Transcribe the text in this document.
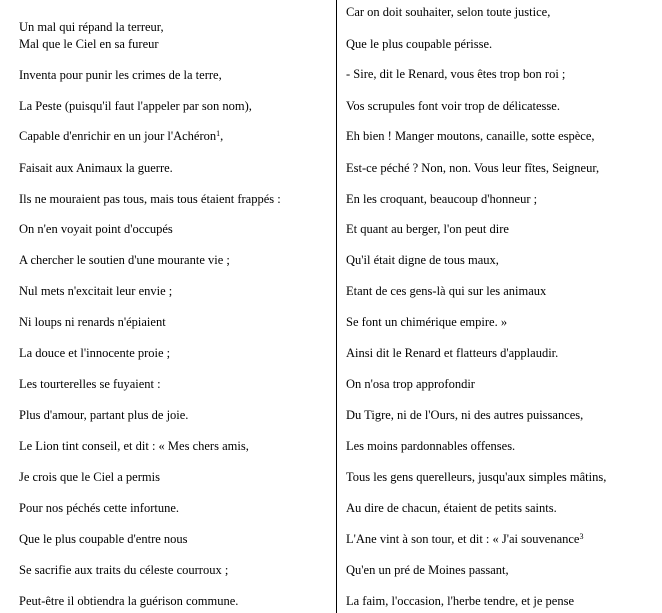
Un mal qui répand la terreur,
Mal que le Ciel en sa fureur
Inventa pour punir les crimes de la terre,
La Peste (puisqu'il faut l'appeler par son nom),
Capable d'enrichir en un jour l'Achéron$^1$,
Faisait aux Animaux la guerre.
Ils ne mouraient pas tous, mais tous étaient frappés :
On n'en voyait point d'occupés
A chercher le soutien d'une mourante vie ;
Nul mets n'excitait leur envie ;
Ni loups ni renards n'épiaient
La douce et l'innocente proie ;
Les tourterelles se fuyaient :
Plus d'amour, partant plus de joie.
Le Lion tint conseil, et dit : « Mes chers amis,
Je crois que le Ciel a permis
Pour nos péchés cette infortune.
Que le plus coupable d'entre nous
Se sacrifie aux traits du céleste courroux ;
Peut-être il obtiendra la guérison commune.
Car on doit souhaiter, selon toute justice,
Que le plus coupable périsse.
- Sire, dit le Renard, vous êtes trop bon roi ;
Vos scrupules font voir trop de délicatesse.
Eh bien ! Manger moutons, canaille, sotte espèce,
Est-ce péché ? Non, non. Vous leur fîtes, Seigneur,
En les croquant, beaucoup d'honneur ;
Et quant au berger, l'on peut dire
Qu'il était digne de tous maux,
Etant de ces gens-là qui sur les animaux
Se font un chimérique empire. »
Ainsi dit le Renard et flatteurs d'applaudir.
On n'osa trop approfondir
Du Tigre, ni de l'Ours, ni des autres puissances,
Les moins pardonnables offenses.
Tous les gens querelleurs, jusqu'aux simples mâtins,
Au dire de chacun, étaient de petits saints.
L'Ane vint à son tour, et dit : « J'ai souvenance$^3$
Qu'en un pré de Moines passant,
La faim, l'occasion, l'herbe tendre, et je pense
